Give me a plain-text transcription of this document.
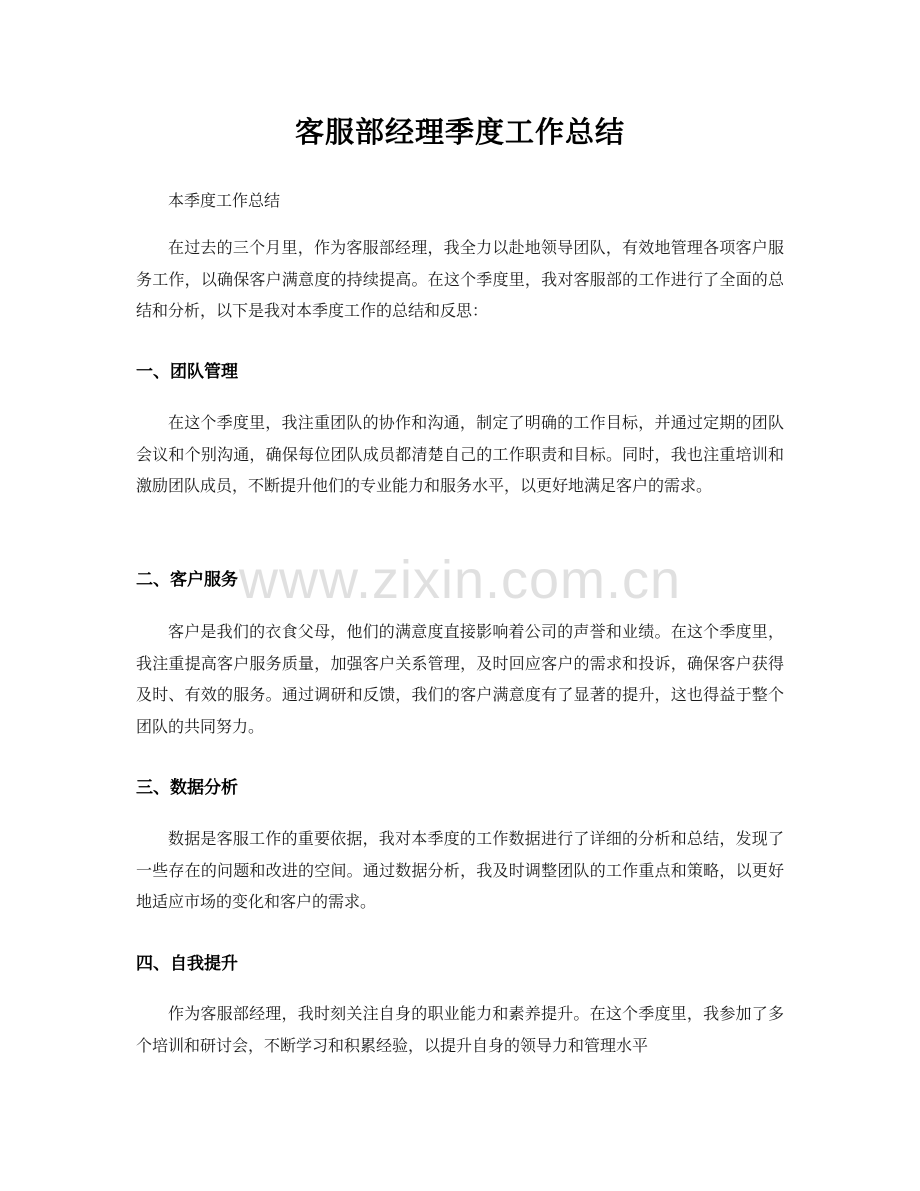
客服部经理季度工作总结

本季度工作总结

在过去的三个月里，作为客服部经理，我全力以赴地领导团队，有效地管理各项客户服务工作，以确保客户满意度的持续提高。在这个季度里，我对客服部的工作进行了全面的总结和分析，以下是我对本季度工作的总结和反思：

一、团队管理

在这个季度里，我注重团队的协作和沟通，制定了明确的工作目标，并通过定期的团队会议和个别沟通，确保每位团队成员都清楚自己的工作职责和目标。同时，我也注重培训和激励团队成员，不断提升他们的专业能力和服务水平，以更好地满足客户的需求。

二、客户服务

客户是我们的衣食父母，他们的满意度直接影响着公司的声誉和业绩。在这个季度里，我注重提高客户服务质量，加强客户关系管理，及时回应客户的需求和投诉，确保客户获得及时、有效的服务。通过调研和反馈，我们的客户满意度有了显著的提升，这也得益于整个团队的共同努力。

三、数据分析

数据是客服工作的重要依据，我对本季度的工作数据进行了详细的分析和总结，发现了一些存在的问题和改进的空间。通过数据分析，我及时调整团队的工作重点和策略，以更好地适应市场的变化和客户的需求。

四、自我提升

作为客服部经理，我时刻关注自身的职业能力和素养提升。在这个季度里，我参加了多个培训和研讨会，不断学习和积累经验，以提升自身的领导力和管理水平

www.zixin.com.cn
